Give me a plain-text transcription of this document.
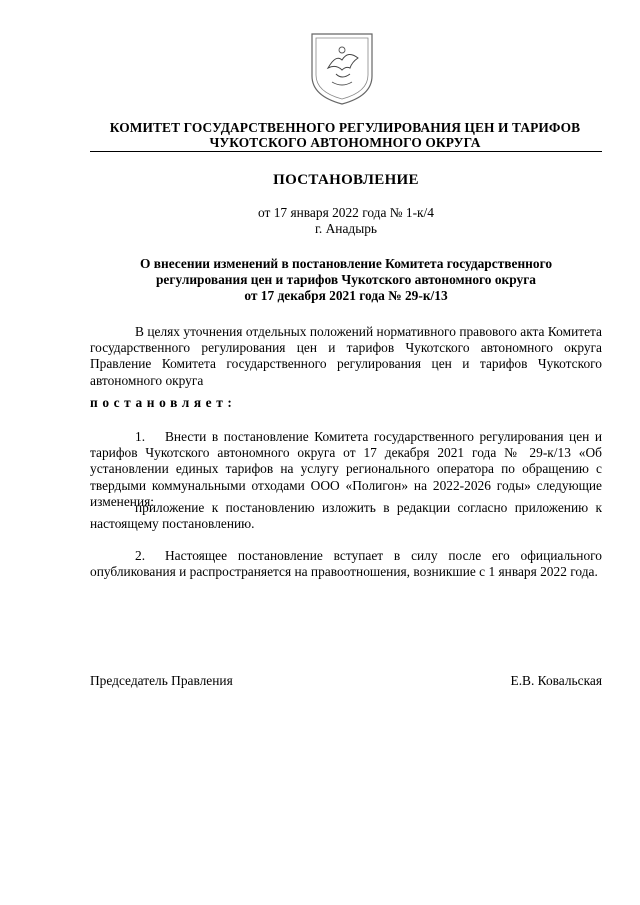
КОМИТЕТ ГОСУДАРСТВЕННОГО РЕГУЛИРОВАНИЯ ЦЕН И ТАРИФОВ
ЧУКОТСКОГО АВТОНОМНОГО ОКРУГА
ПОСТАНОВЛЕНИЕ
от 17 января 2022 года № 1-к/4
г. Анадырь
О внесении изменений в постановление Комитета государственного
регулирования цен и тарифов Чукотского автономного округа
от 17 декабря 2021 года № 29-к/13
В целях уточнения отдельных положений нормативного правового акта Комитета государственного регулирования цен и тарифов Чукотского автономного округа Правление Комитета государственного регулирования цен и тарифов Чукотского автономного округа
постановляет:
1. Внести в постановление Комитета государственного регулирования цен и тарифов Чукотского автономного округа от 17 декабря 2021 года № 29-к/13 «Об установлении единых тарифов на услугу регионального оператора по обращению с твердыми коммунальными отходами ООО «Полигон» на 2022-2026 годы» следующие изменения:
приложение к постановлению изложить в редакции согласно приложению к настоящему постановлению.
2. Настоящее постановление вступает в силу после его официального опубликования и распространяется на правоотношения, возникшие с 1 января 2022 года.
Председатель Правления	Е.В. Ковальская
